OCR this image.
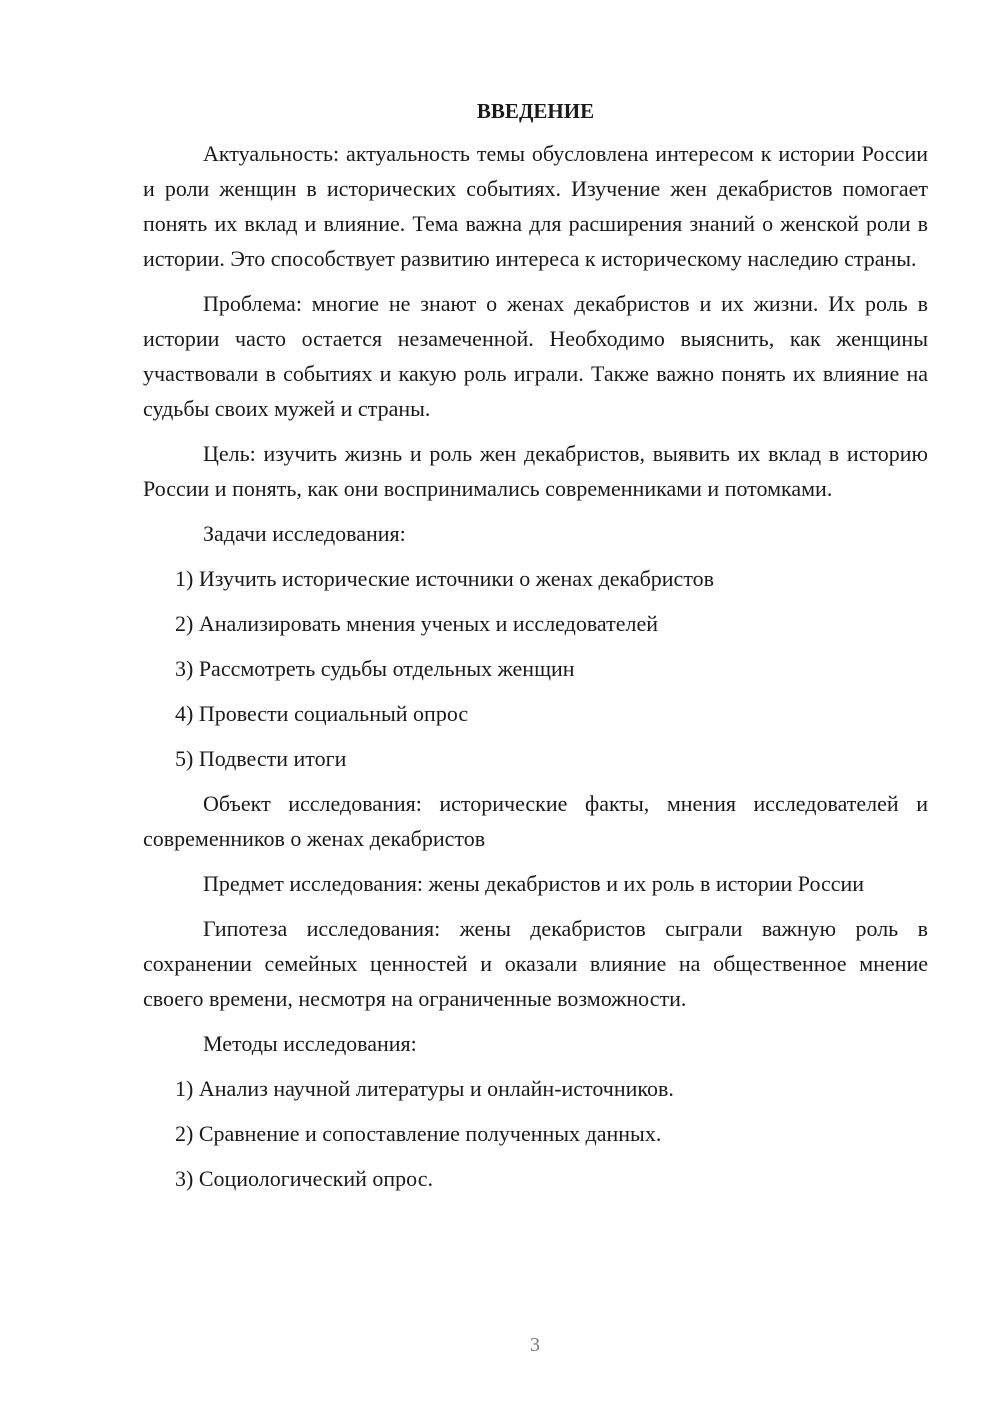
ВВЕДЕНИЕ

Актуальность: актуальность темы обусловлена интересом к истории России и роли женщин в исторических событиях. Изучение жен декабристов помогает понять их вклад и влияние. Тема важна для расширения знаний о женской роли в истории. Это способствует развитию интереса к историческому наследию страны.

Проблема: многие не знают о женах декабристов и их жизни. Их роль в истории часто остается незамеченной. Необходимо выяснить, как женщины участвовали в событиях и какую роль играли. Также важно понять их влияние на судьбы своих мужей и страны.

Цель: изучить жизнь и роль жен декабристов, выявить их вклад в историю России и понять, как они воспринимались современниками и потомками.

Задачи исследования:

1) Изучить исторические источники о женах декабристов

2) Анализировать мнения ученых и исследователей

3) Рассмотреть судьбы отдельных женщин

4) Провести социальный опрос

5) Подвести итоги

Объект исследования: исторические факты, мнения исследователей и современников о женах декабристов

Предмет исследования: жены декабристов и их роль в истории России

Гипотеза исследования: жены декабристов сыграли важную роль в сохранении семейных ценностей и оказали влияние на общественное мнение своего времени, несмотря на ограниченные возможности.

Методы исследования:

1) Анализ научной литературы и онлайн-источников.

2) Сравнение и сопоставление полученных данных.

3) Социологический опрос.

3
